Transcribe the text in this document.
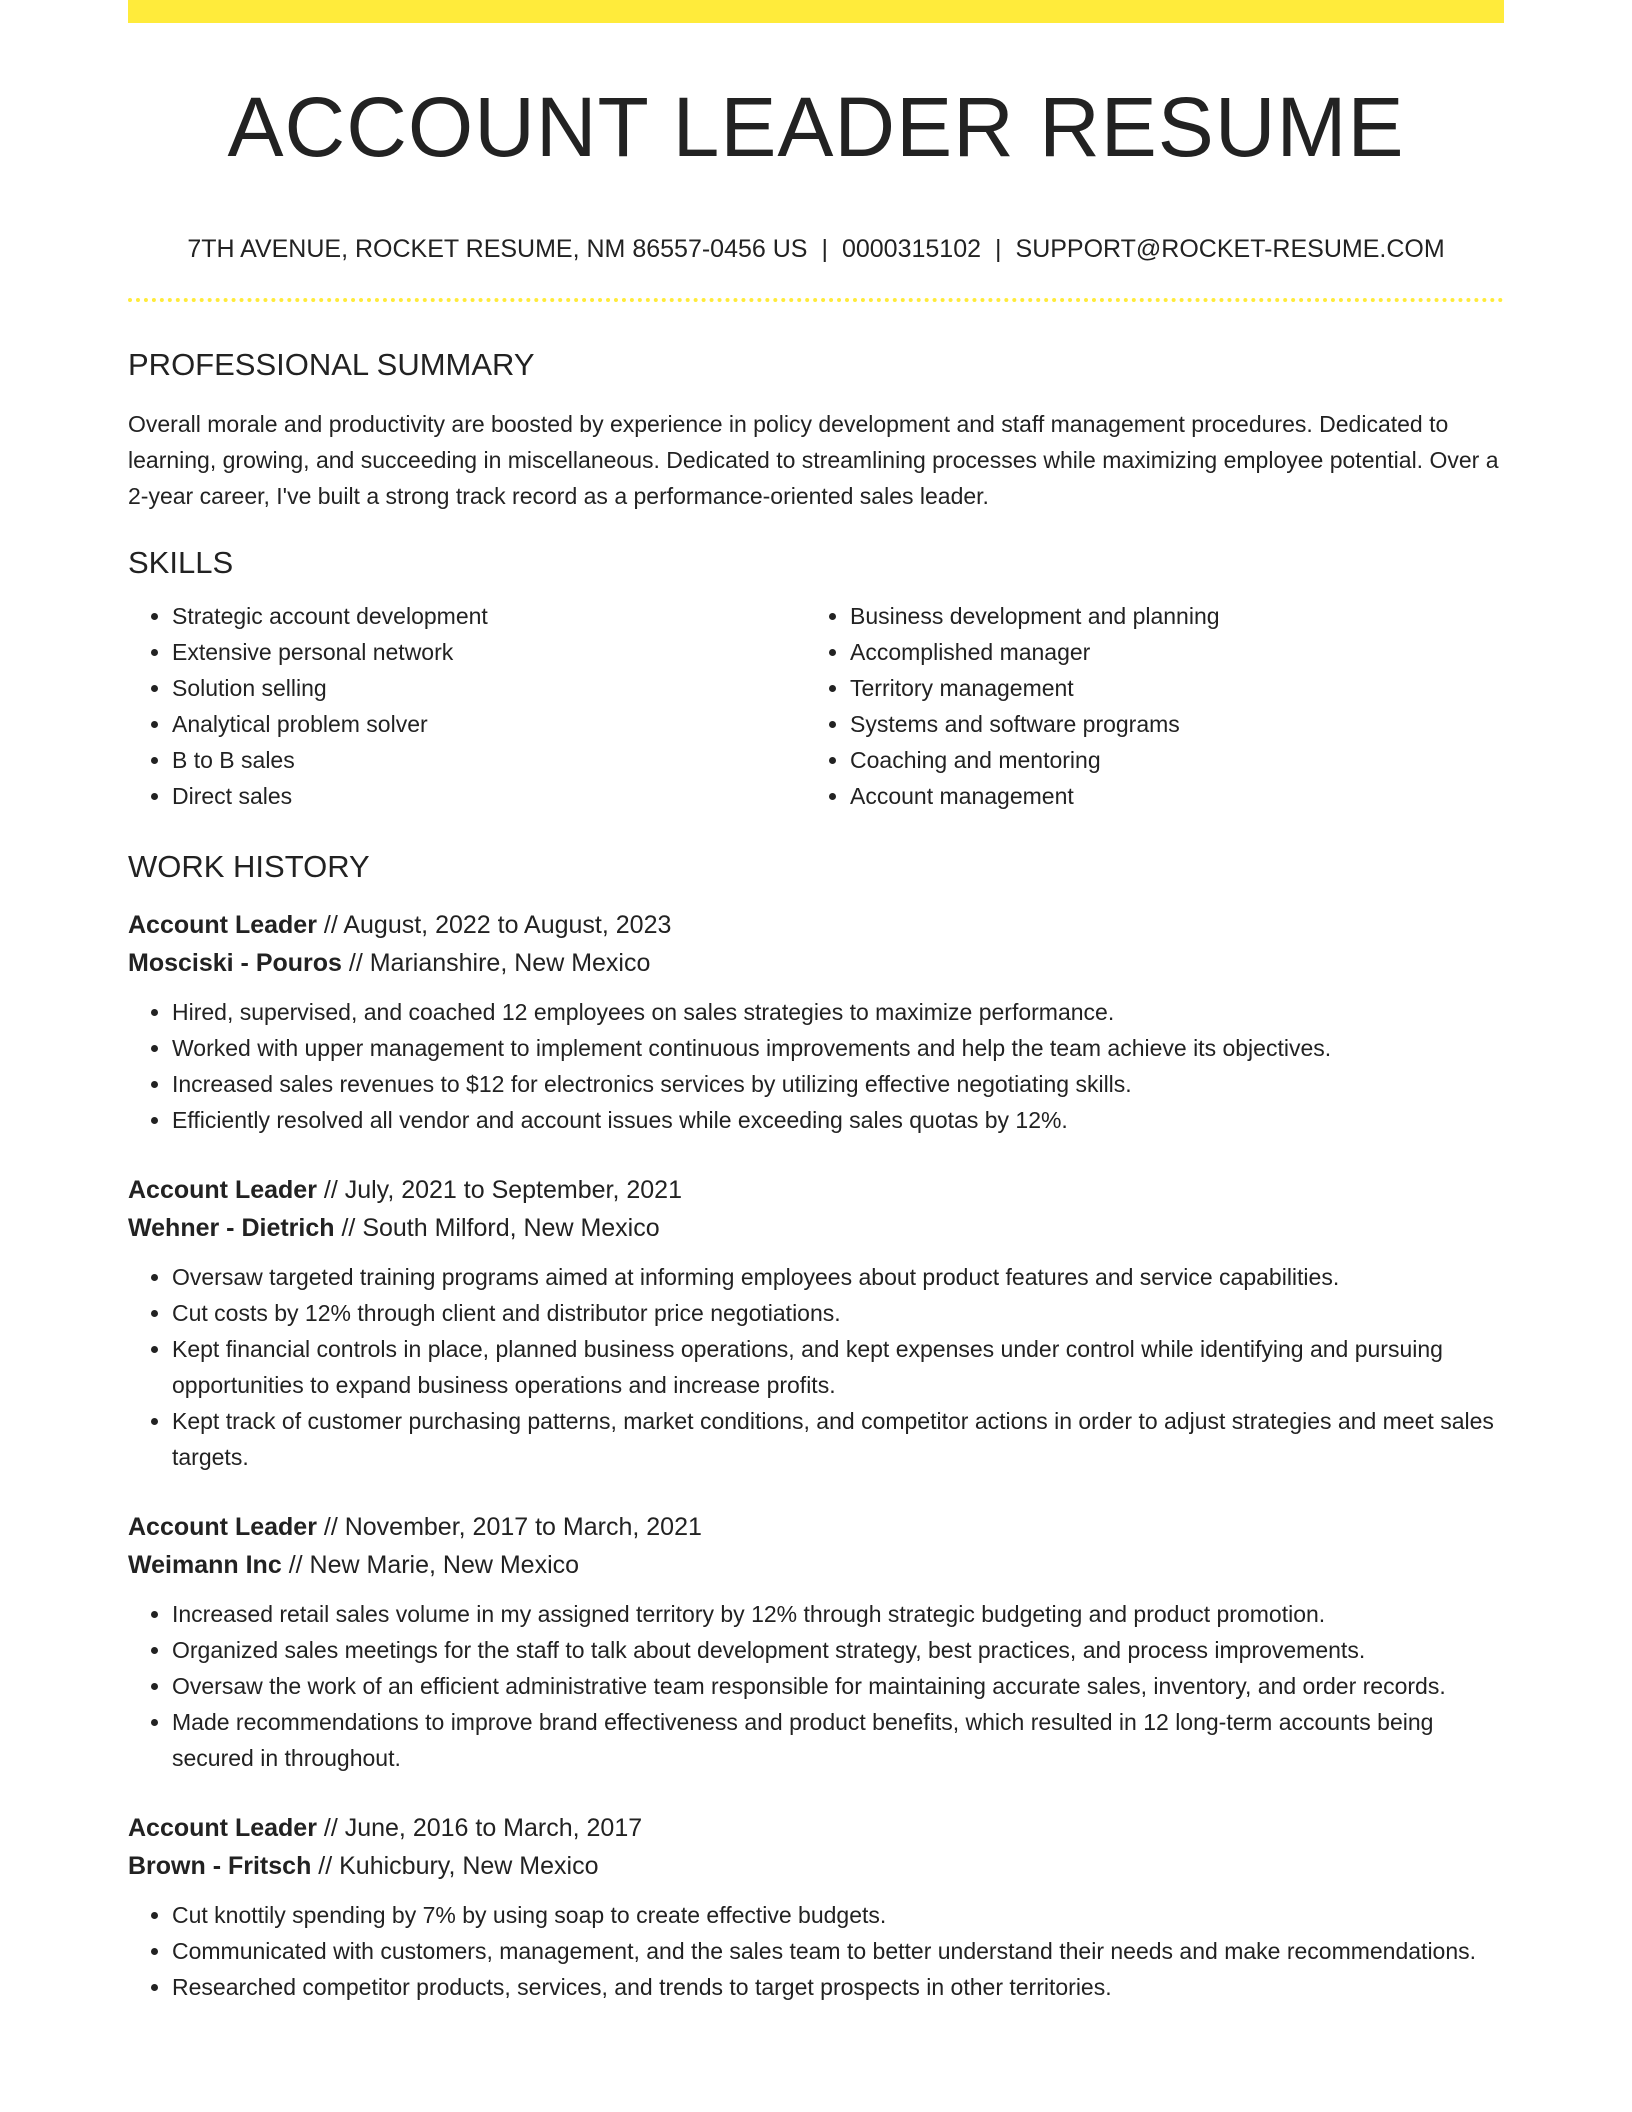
ACCOUNT LEADER RESUME
7TH AVENUE, ROCKET RESUME, NM 86557-0456 US | 0000315102 | SUPPORT@ROCKET-RESUME.COM
PROFESSIONAL SUMMARY

Overall morale and productivity are boosted by experience in policy development and staff management procedures. Dedicated to learning, growing, and succeeding in miscellaneous. Dedicated to streamlining processes while maximizing employee potential. Over a 2-year career, I've built a strong track record as a performance-oriented sales leader.

SKILLS
• Strategic account development
• Extensive personal network
• Solution selling
• Analytical problem solver
• B to B sales
• Direct sales
• Business development and planning
• Accomplished manager
• Territory management
• Systems and software programs
• Coaching and mentoring
• Account management
WORK HISTORY
Account Leader // August, 2022 to August, 2023
Mosciski - Pouros // Marianshire, New Mexico
• Hired, supervised, and coached 12 employees on sales strategies to maximize performance.
• Worked with upper management to implement continuous improvements and help the team achieve its objectives.
• Increased sales revenues to $12 for electronics services by utilizing effective negotiating skills.
• Efficiently resolved all vendor and account issues while exceeding sales quotas by 12%.
Account Leader // July, 2021 to September, 2021
Wehner - Dietrich // South Milford, New Mexico
• Oversaw targeted training programs aimed at informing employees about product features and service capabilities.
• Cut costs by 12% through client and distributor price negotiations.
• Kept financial controls in place, planned business operations, and kept expenses under control while identifying and pursuing opportunities to expand business operations and increase profits.
• Kept track of customer purchasing patterns, market conditions, and competitor actions in order to adjust strategies and meet sales targets.
Account Leader // November, 2017 to March, 2021
Weimann Inc // New Marie, New Mexico
• Increased retail sales volume in my assigned territory by 12% through strategic budgeting and product promotion.
• Organized sales meetings for the staff to talk about development strategy, best practices, and process improvements.
• Oversaw the work of an efficient administrative team responsible for maintaining accurate sales, inventory, and order records.
• Made recommendations to improve brand effectiveness and product benefits, which resulted in 12 long-term accounts being secured in throughout.
Account Leader // June, 2016 to March, 2017
Brown - Fritsch // Kuhicbury, New Mexico
• Cut knottily spending by 7% by using soap to create effective budgets.
• Communicated with customers, management, and the sales team to better understand their needs and make recommendations.
• Researched competitor products, services, and trends to target prospects in other territories.
